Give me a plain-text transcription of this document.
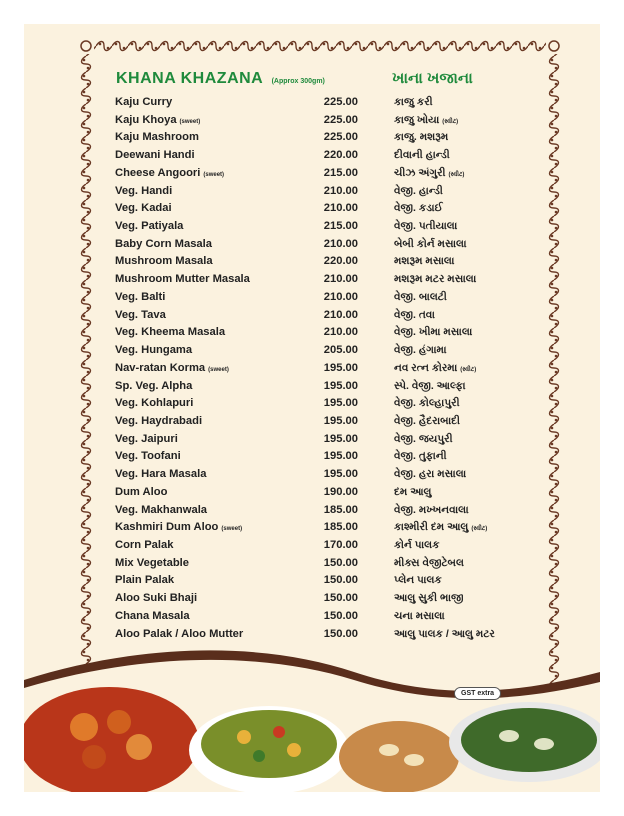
KHANA KHAZANA (Approx 300gm)	ખાના ખજાના
Kaju Curry	225.00	કાજુ કરી
Kaju Khoya (sweet)	225.00	કાજુ ખોયા (સ્વીટ)
Kaju Mashroom	225.00	કાજુ. મશરૂમ
Deewani Handi	220.00	દીવાની હાન્ડી
Cheese Angoori (sweet)	215.00	ચીઝ અંગુરી (સ્વીટ)
Veg. Handi	210.00	વેજી. હાન્ડી
Veg. Kadai	210.00	વેજી. કડાઈ
Veg. Patiyala	215.00	વેજી. પતીયાલા
Baby Corn Masala	210.00	બેબી કોર્ન મસાલા
Mushroom Masala	220.00	મશરૂમ મસાલા
Mushroom Mutter Masala	210.00	મશરૂમ મટર મસાલા
Veg. Balti	210.00	વેજી. બાલટી
Veg. Tava	210.00	વેજી. તવા
Veg. Kheema Masala	210.00	વેજી. ખીમા મસાલા
Veg. Hungama	205.00	વેજી. હંગામા
Nav-ratan Korma (sweet)	195.00	નવ રત્ન કોરમા (સ્વીટ)
Sp. Veg. Alpha	195.00	સ્પે. વેજી. આલ્ફા
Veg. Kohlapuri	195.00	વેજી. કોલ્હાપુરી
Veg. Haydrabadi	195.00	વેજી. હૈદરાબાદી
Veg. Jaipuri	195.00	વેજી. જયપુરી
Veg. Toofani	195.00	વેજી. તુફાની
Veg. Hara Masala	195.00	વેજી. હરા મસાલા
Dum Aloo	190.00	દમ આલુ
Veg. Makhanwala	185.00	વેજી. મખ્ખનવાલા
Kashmiri Dum Aloo (sweet)	185.00	કાશ્મીરી દમ આલુ (સ્વીટ)
Corn Palak	170.00	કોર્ન પાલક
Mix Vegetable	150.00	મીક્સ વેજીટેબલ
Plain Palak	150.00	પ્લેન પાલક
Aloo Suki Bhaji	150.00	આલુ સુકી ભાજી
Chana Masala	150.00	ચના મસાલા
Aloo Palak / Aloo Mutter	150.00	આલુ પાલક / આલુ મટર
GST extra
